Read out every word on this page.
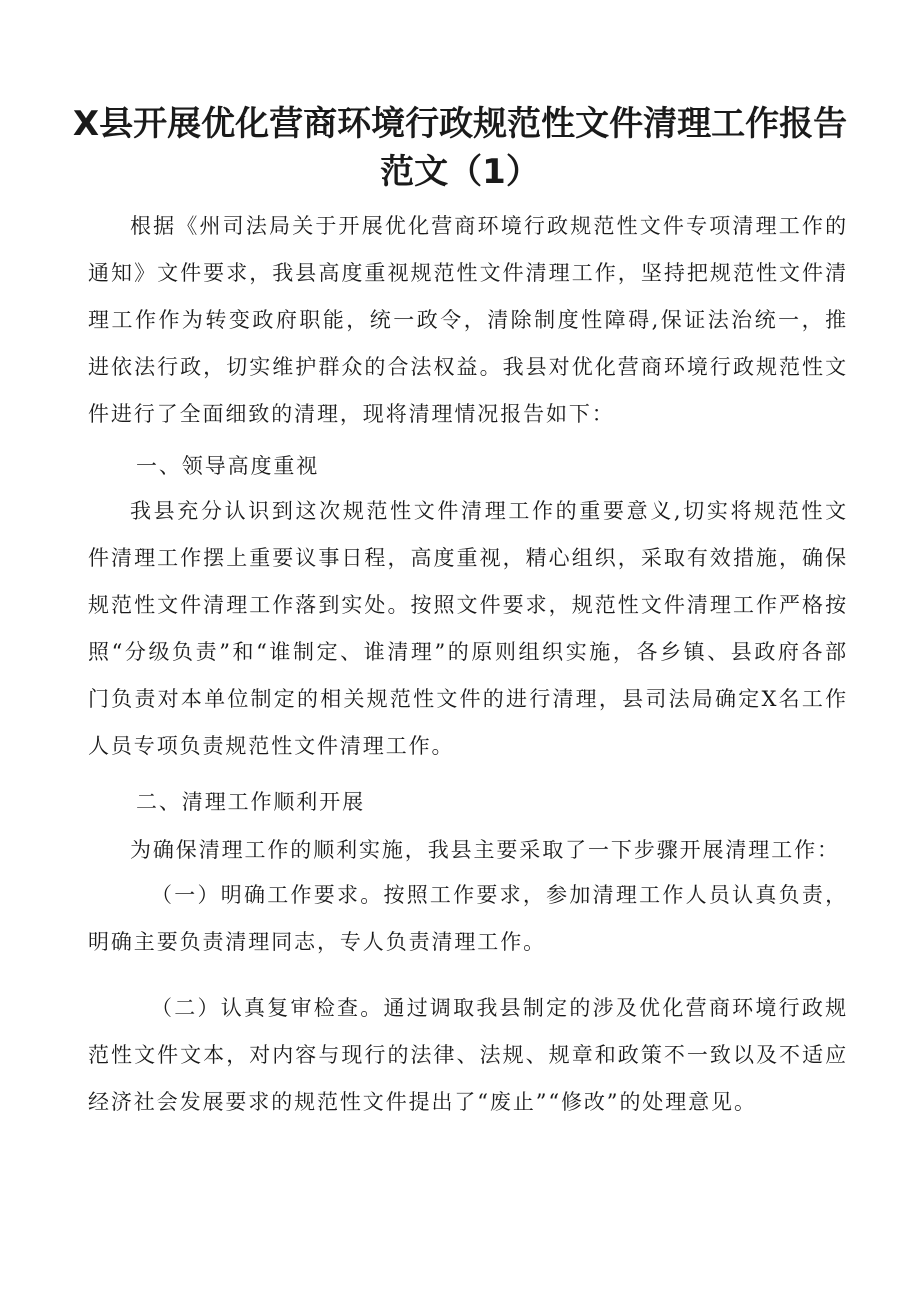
X县开展优化营商环境行政规范性文件清理工作报告
范文（1）

根据《州司法局关于开展优化营商环境行政规范性文件专项清理工作的通知》文件要求，我县高度重视规范性文件清理工作，坚持把规范性文件清理工作作为转变政府职能，统一政令，清除制度性障碍,保证法治统一，推进依法行政，切实维护群众的合法权益。我县对优化营商环境行政规范性文件进行了全面细致的清理，现将清理情况报告如下：

一、领导高度重视

我县充分认识到这次规范性文件清理工作的重要意义,切实将规范性文件清理工作摆上重要议事日程，高度重视，精心组织，采取有效措施，确保规范性文件清理工作落到实处。按照文件要求，规范性文件清理工作严格按照“分级负责”和“谁制定、谁清理”的原则组织实施，各乡镇、县政府各部门负责对本单位制定的相关规范性文件的进行清理，县司法局确定X名工作人员专项负责规范性文件清理工作。

二、清理工作顺利开展

为确保清理工作的顺利实施，我县主要采取了一下步骤开展清理工作：

（一）明确工作要求。按照工作要求，参加清理工作人员认真负责，明确主要负责清理同志，专人负责清理工作。

（二）认真复审检查。通过调取我县制定的涉及优化营商环境行政规范性文件文本，对内容与现行的法律、法规、规章和政策不一致以及不适应经济社会发展要求的规范性文件提出了“废止”“修改”的处理意见。
